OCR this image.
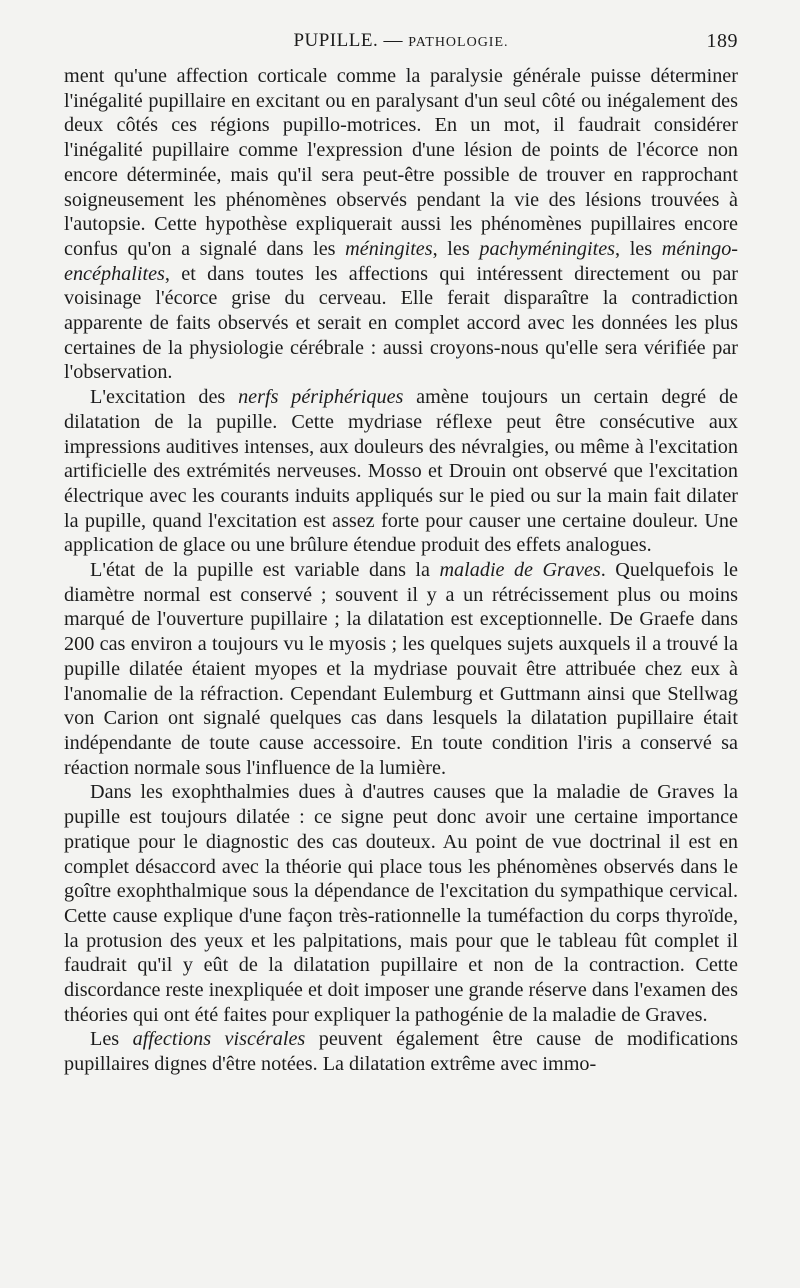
PUPILLE. — PATHOLOGIE.	189

ment qu'une affection corticale comme la paralysie générale puisse déterminer l'inégalité pupillaire en excitant ou en paralysant d'un seul côté ou inégalement des deux côtés ces régions pupillo-motrices. En un mot, il faudrait considérer l'inégalité pupillaire comme l'expression d'une lésion de points de l'écorce non encore déterminée, mais qu'il sera peut-être possible de trouver en rapprochant soigneusement les phénomènes observés pendant la vie des lésions trouvées à l'autopsie. Cette hypothèse expliquerait aussi les phénomènes pupillaires encore confus qu'on a signalé dans les méningites, les pachyméningites, les méningo-encéphalites, et dans toutes les affections qui intéressent directement ou par voisinage l'écorce grise du cerveau. Elle ferait disparaître la contradiction apparente de faits observés et serait en complet accord avec les données les plus certaines de la physiologie cérébrale : aussi croyons-nous qu'elle sera vérifiée par l'observation.

L'excitation des nerfs périphériques amène toujours un certain degré de dilatation de la pupille. Cette mydriase réflexe peut être consécutive aux impressions auditives intenses, aux douleurs des névralgies, ou même à l'excitation artificielle des extrémités nerveuses. Mosso et Drouin ont observé que l'excitation électrique avec les courants induits appliqués sur le pied ou sur la main fait dilater la pupille, quand l'excitation est assez forte pour causer une certaine douleur. Une application de glace ou une brûlure étendue produit des effets analogues.

L'état de la pupille est variable dans la maladie de Graves. Quelquefois le diamètre normal est conservé ; souvent il y a un rétrécissement plus ou moins marqué de l'ouverture pupillaire ; la dilatation est exceptionnelle. De Graefe dans 200 cas environ a toujours vu le myosis ; les quelques sujets auxquels il a trouvé la pupille dilatée étaient myopes et la mydriase pouvait être attribuée chez eux à l'anomalie de la réfraction. Cependant Eulemburg et Guttmann ainsi que Stellwag von Carion ont signalé quelques cas dans lesquels la dilatation pupillaire était indépendante de toute cause accessoire. En toute condition l'iris a conservé sa réaction normale sous l'influence de la lumière.

Dans les exophthalmies dues à d'autres causes que la maladie de Graves la pupille est toujours dilatée : ce signe peut donc avoir une certaine importance pratique pour le diagnostic des cas douteux. Au point de vue doctrinal il est en complet désaccord avec la théorie qui place tous les phénomènes observés dans le goître exophthalmique sous la dépendance de l'excitation du sympathique cervical. Cette cause explique d'une façon très-rationnelle la tuméfaction du corps thyroïde, la protusion des yeux et les palpitations, mais pour que le tableau fût complet il faudrait qu'il y eût de la dilatation pupillaire et non de la contraction. Cette discordance reste inexpliquée et doit imposer une grande réserve dans l'examen des théories qui ont été faites pour expliquer la pathogénie de la maladie de Graves.

Les affections viscérales peuvent également être cause de modifications pupillaires dignes d'être notées. La dilatation extrême avec immo-
